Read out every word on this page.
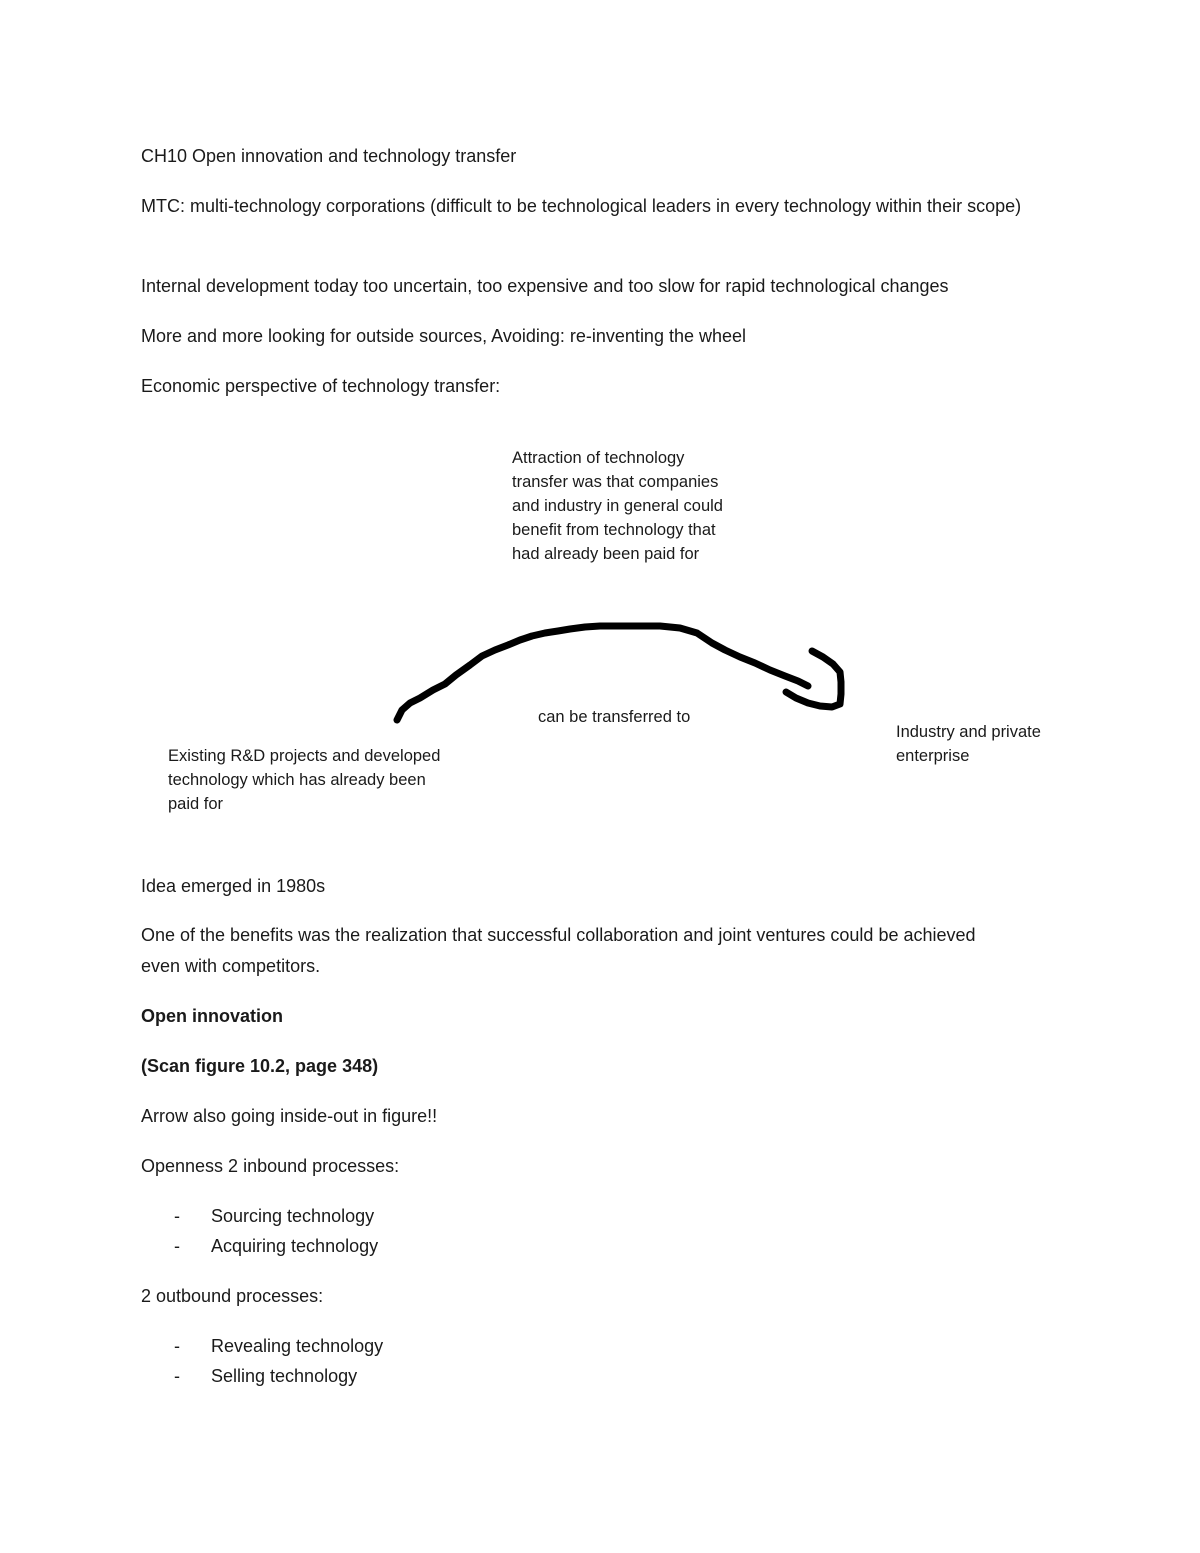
CH10 Open innovation and technology transfer
MTC: multi-technology corporations (difficult to be technological leaders in every technology within their scope)
Internal development today too uncertain, too expensive and too slow for rapid technological changes
More and more looking for outside sources, Avoiding: re-inventing the wheel
Economic perspective of technology transfer:
Attraction of technology transfer was that companies and industry in general could benefit from technology that had already been paid for
can be transferred to
Existing R&D projects and developed technology which has already been paid for
Industry and private enterprise
Idea emerged in 1980s
One of the benefits was the realization that successful collaboration and joint ventures could be achieved even with competitors.
Open innovation
(Scan figure 10.2, page 348)
Arrow also going inside-out in figure!!
Openness 2 inbound processes:
- Sourcing technology
- Acquiring technology
2 outbound processes:
- Revealing technology
- Selling technology
